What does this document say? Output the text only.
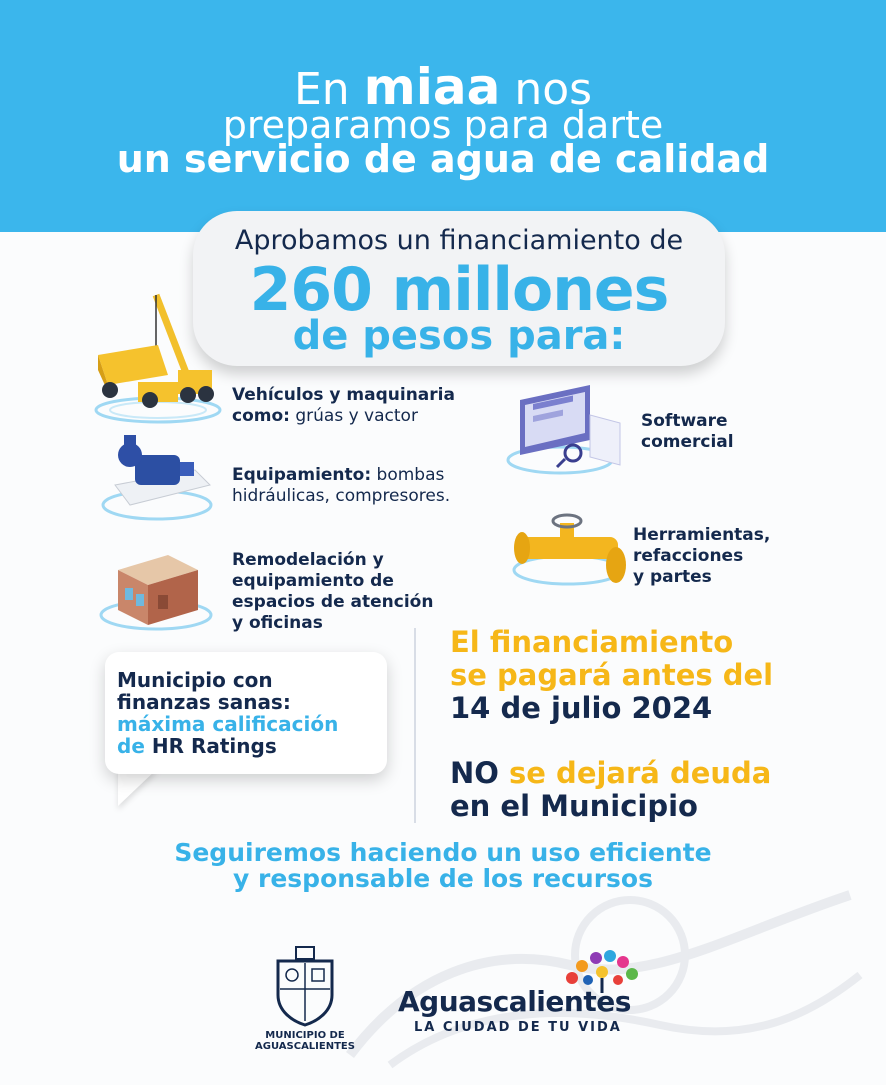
En miaa nos
preparamos para darte
un servicio de agua de calidad
Aprobamos un financiamiento de
260 millones
de pesos para:
Vehículos y maquinaria
como: grúas y vactor
Equipamiento: bombas
hidráulicas, compresores.
Remodelación y
equipamiento de
espacios de atención
y oficinas
Software
comercial
Herramientas,
refacciones
y partes
Municipio con
finanzas sanas:
máxima calificación
de HR Ratings
El financiamiento
se pagará antes del
14 de julio 2024
NO se dejará deuda
en el Municipio
Seguiremos haciendo un uso eficiente
y responsable de los recursos
MUNICIPIO DE
AGUASCALIENTES
Aguascalientes
LA CIUDAD DE TU VIDA
